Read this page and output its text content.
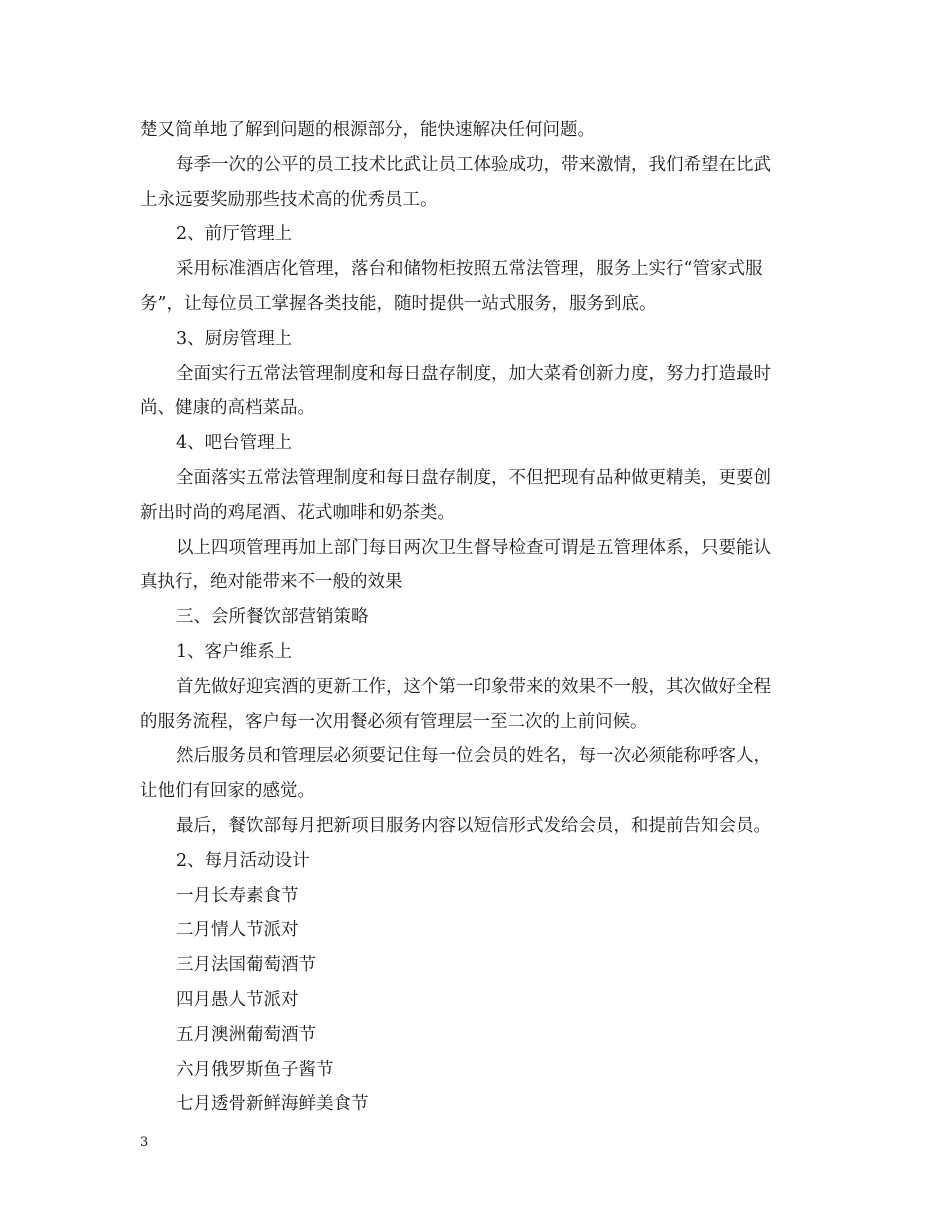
楚又简单地了解到问题的根源部分，能快速解决任何问题。
每季一次的公平的员工技术比武让员工体验成功，带来激情，我们希望在比武
上永远要奖励那些技术高的优秀员工。
2、前厅管理上
采用标准酒店化管理，落台和储物柜按照五常法管理，服务上实行“管家式服
务”，让每位员工掌握各类技能，随时提供一站式服务，服务到底。
3、厨房管理上
全面实行五常法管理制度和每日盘存制度，加大菜肴创新力度，努力打造最时
尚、健康的高档菜品。
4、吧台管理上
全面落实五常法管理制度和每日盘存制度，不但把现有品种做更精美，更要创
新出时尚的鸡尾酒、花式咖啡和奶茶类。
以上四项管理再加上部门每日两次卫生督导检查可谓是五管理体系，只要能认
真执行，绝对能带来不一般的效果
三、会所餐饮部营销策略
1、客户维系上
首先做好迎宾酒的更新工作，这个第一印象带来的效果不一般，其次做好全程
的服务流程，客户每一次用餐必须有管理层一至二次的上前问候。
然后服务员和管理层必须要记住每一位会员的姓名，每一次必须能称呼客人，
让他们有回家的感觉。
最后，餐饮部每月把新项目服务内容以短信形式发给会员，和提前告知会员。
2、每月活动设计
一月长寿素食节
二月情人节派对
三月法国葡萄酒节
四月愚人节派对
五月澳洲葡萄酒节
六月俄罗斯鱼子酱节
七月透骨新鲜海鲜美食节
3
